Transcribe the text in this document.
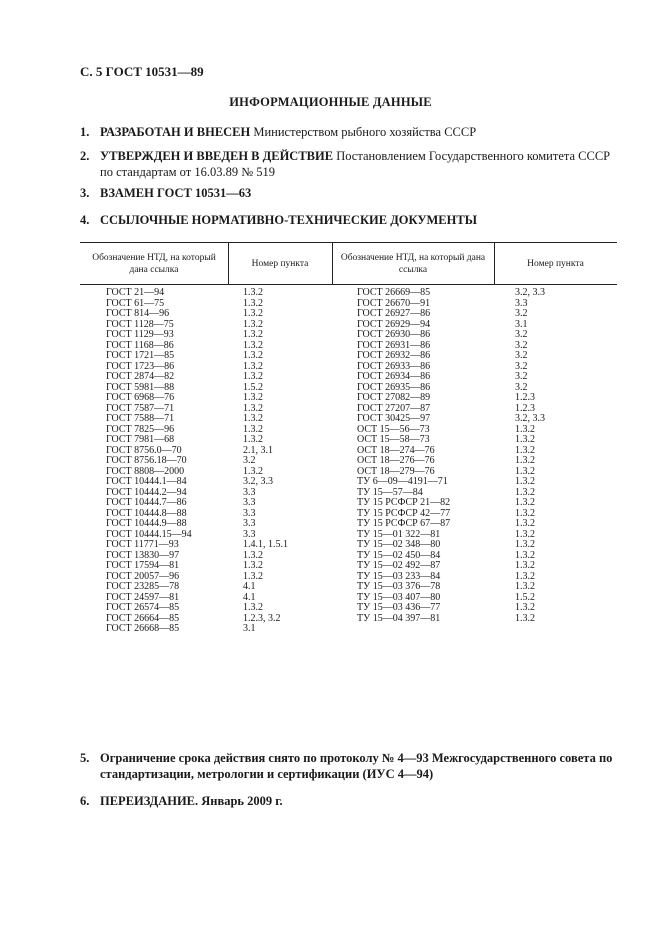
С. 5 ГОСТ 10531—89
ИНФОРМАЦИОННЫЕ ДАННЫЕ
1. РАЗРАБОТАН И ВНЕСЕН Министерством рыбного хозяйства СССР
2. УТВЕРЖДЕН И ВВЕДЕН В ДЕЙСТВИЕ Постановлением Государственного комитета СССР по стандартам от 16.03.89 № 519
3. ВЗАМЕН ГОСТ 10531—63
4. ССЫЛОЧНЫЕ НОРМАТИВНО-ТЕХНИЧЕСКИЕ ДОКУМЕНТЫ
Обозначение НТД, на который дана ссылка
Номер пункта
Обозначение НТД, на который дана ссылка
Номер пункта
ГОСТ 21—94
ГОСТ 61—75
ГОСТ 814—96
ГОСТ 1128—75
ГОСТ 1129—93
ГОСТ 1168—86
ГОСТ 1721—85
ГОСТ 1723—86
ГОСТ 2874—82
ГОСТ 5981—88
ГОСТ 6968—76
ГОСТ 7587—71
ГОСТ 7588—71
ГОСТ 7825—96
ГОСТ 7981—68
ГОСТ 8756.0—70
ГОСТ 8756.18—70
ГОСТ 8808—2000
ГОСТ 10444.1—84
ГОСТ 10444.2—94
ГОСТ 10444.7—86
ГОСТ 10444.8—88
ГОСТ 10444.9—88
ГОСТ 10444.15—94
ГОСТ 11771—93
ГОСТ 13830—97
ГОСТ 17594—81
ГОСТ 20057—96
ГОСТ 23285—78
ГОСТ 24597—81
ГОСТ 26574—85
ГОСТ 26664—85
ГОСТ 26668—85
1.3.2
1.3.2
1.3.2
1.3.2
1.3.2
1.3.2
1.3.2
1.3.2
1.3.2
1.5.2
1.3.2
1.3.2
1.3.2
1.3.2
1.3.2
2.1, 3.1
3.2
1.3.2
3.2, 3.3
3.3
3.3
3.3
3.3
3.3
1.4.1, 1.5.1
1.3.2
1.3.2
1.3.2
4.1
4.1
1.3.2
1.2.3, 3.2
3.1
ГОСТ 26669—85
ГОСТ 26670—91
ГОСТ 26927—86
ГОСТ 26929—94
ГОСТ 26930—86
ГОСТ 26931—86
ГОСТ 26932—86
ГОСТ 26933—86
ГОСТ 26934—86
ГОСТ 26935—86
ГОСТ 27082—89
ГОСТ 27207—87
ГОСТ 30425—97
ОСТ 15—56—73
ОСТ 15—58—73
ОСТ 18—274—76
ОСТ 18—276—76
ОСТ 18—279—76
ТУ 6—09—4191—71
ТУ 15—57—84
ТУ 15 РСФСР 21—82
ТУ 15 РСФСР 42—77
ТУ 15 РСФСР 67—87
ТУ 15—01 322—81
ТУ 15—02 348—80
ТУ 15—02 450—84
ТУ 15—02 492—87
ТУ 15—03 233—84
ТУ 15—03 376—78
ТУ 15—03 407—80
ТУ 15—03 436—77
ТУ 15—04 397—81
3.2, 3.3
3.3
3.2
3.1
3.2
3.2
3.2
3.2
3.2
3.2
1.2.3
1.2.3
3.2, 3.3
1.3.2
1.3.2
1.3.2
1.3.2
1.3.2
1.3.2
1.3.2
1.3.2
1.3.2
1.3.2
1.3.2
1.3.2
1.3.2
1.3.2
1.3.2
1.3.2
1.5.2
1.3.2
1.3.2
5. Ограничение срока действия снято по протоколу № 4—93 Межгосударственного совета по стандартизации, метрологии и сертификации (ИУС 4—94)
6. ПЕРЕИЗДАНИЕ. Январь 2009 г.
